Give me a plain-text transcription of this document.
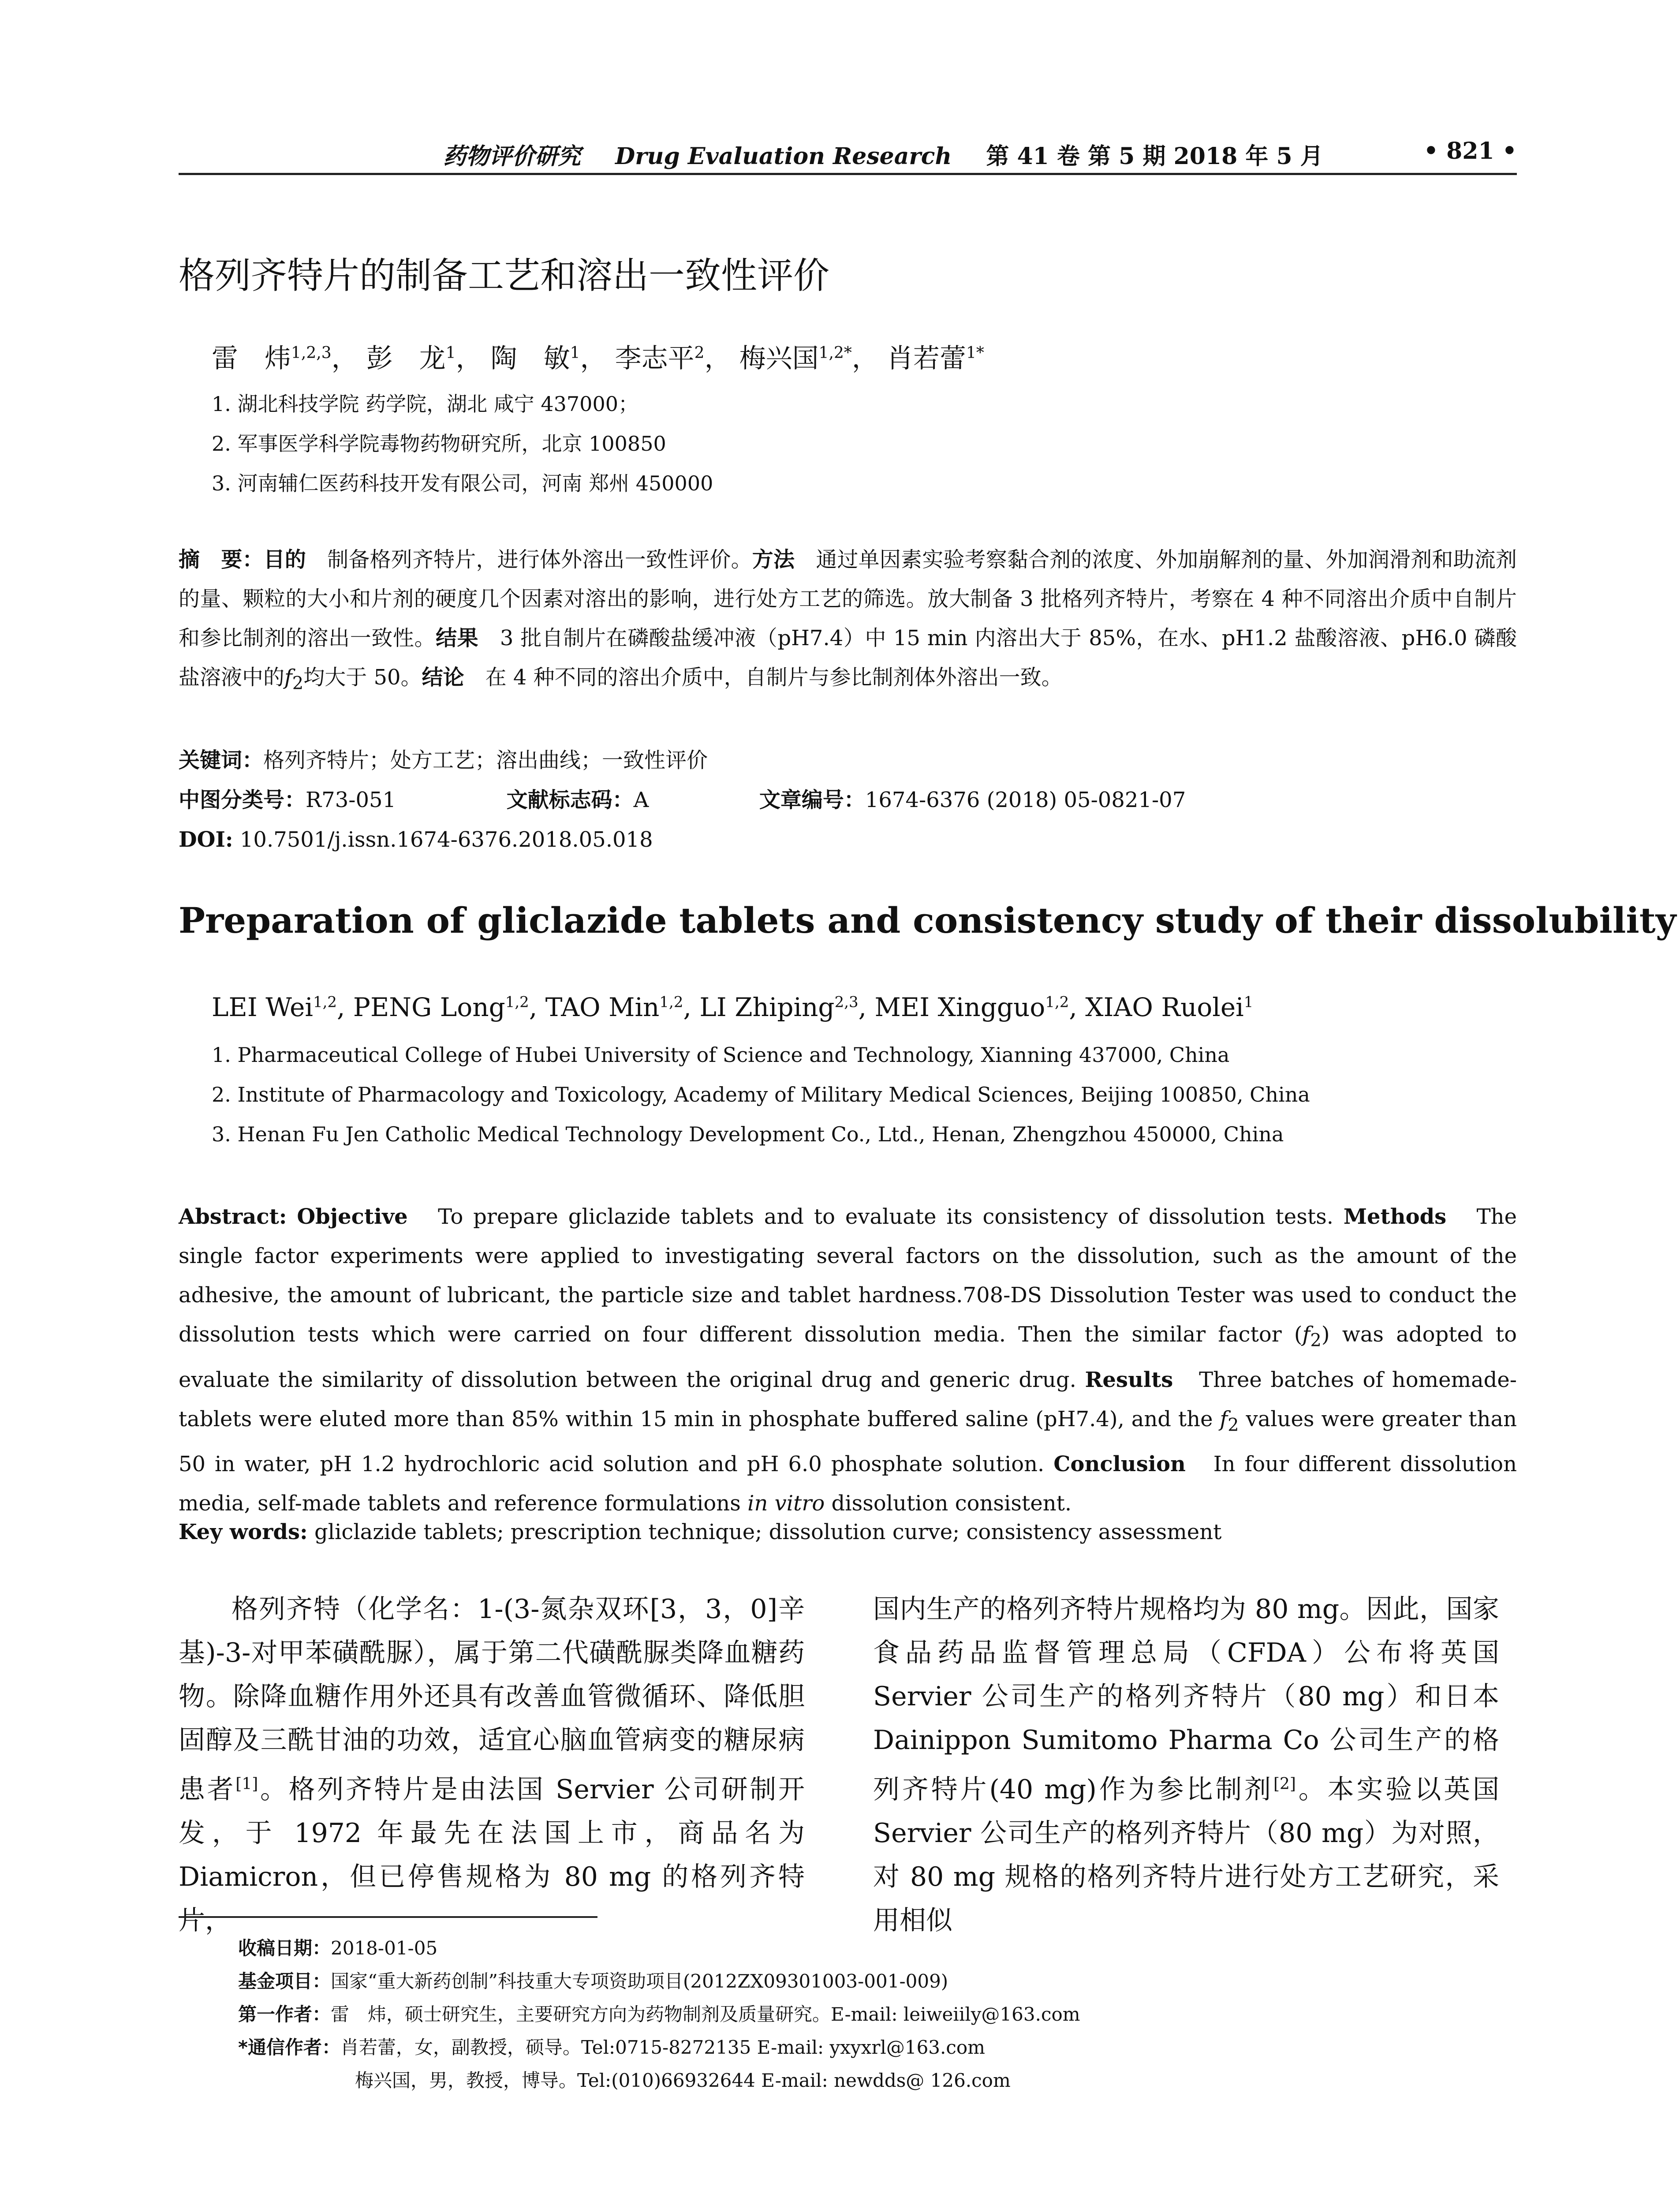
药物评价研究 Drug Evaluation Research 第 41 卷 第 5 期 2018 年 5 月	• 821 •
格列齐特片的制备工艺和溶出一致性评价
雷　炜$^{1,2,3}$， 彭　龙$^1$， 陶　敏$^1$， 李志平$^2$， 梅兴国$^{1,2*}$， 肖若蕾$^{1*}$
1. 湖北科技学院 药学院，湖北 咸宁 437000；
2. 军事医学科学院毒物药物研究所，北京 100850
3. 河南辅仁医药科技开发有限公司，河南 郑州 450000
摘　要：目的　 制备格列齐特片，进行体外溶出一致性评价。方法　 通过单因素实验考察黏合剂的浓度、外加崩解剂的量、外加润滑剂和助流剂的量、颗粒的大小和片剂的硬度几个因素对溶出的影响，进行处方工艺的筛选。放大制备 3 批格列齐特片，考察在 4 种不同溶出介质中自制片和参比制剂的溶出一致性。结果　 3 批自制片在磷酸盐缓冲液（pH7.4）中 15 min 内溶出大于 85%，在水、pH1.2 盐酸溶液、pH6.0 磷酸盐溶液中的$f_2$均大于 50。结论　 在 4 种不同的溶出介质中，自制片与参比制剂体外溶出一致。
关键词：格列齐特片；处方工艺；溶出曲线；一致性评价
中图分类号：R73-051	文献标志码：A	文章编号：1674-6376 (2018) 05-0821-07
DOI: 10.7501/j.issn.1674-6376.2018.05.018
Preparation of gliclazide tablets and consistency study of their dissolubility
LEI Wei$^{1,2}$, PENG Long$^{1,2}$, TAO Min$^{1,2}$, LI Zhiping$^{2,3}$, MEI Xingguo$^{1,2}$, XIAO Ruolei$^1$
1. Pharmaceutical College of Hubei University of Science and Technology, Xianning 437000, China
2. Institute of Pharmacology and Toxicology, Academy of Military Medical Sciences, Beijing 100850, China
3. Henan Fu Jen Catholic Medical Technology Development Co., Ltd., Henan, Zhengzhou 450000, China
Abstract: Objective To prepare gliclazide tablets and to evaluate its consistency of dissolution tests. Methods The single factor experiments were applied to investigating several factors on the dissolution, such as the amount of the adhesive, the amount of lubricant, the particle size and tablet hardness.708-DS Dissolution Tester was used to conduct the dissolution tests which were carried on four different dissolution media. Then the similar factor $(f_2)$ was adopted to evaluate the similarity of dissolution between the original drug and generic drug. Results Three batches of homemade-tablets were eluted more than 85% within 15 min in phosphate buffered saline (pH7.4), and the $f_2$ values were greater than 50 in water, pH 1.2 hydrochloric acid solution and pH 6.0 phosphate solution. Conclusion In four different dissolution media, self-made tablets and reference formulations in vitro dissolution consistent.
Key words: gliclazide tablets; prescription technique; dissolution curve; consistency assessment

格列齐特（化学名：1-(3-氮杂双环[3，3，0]辛基)-3-对甲苯磺酰脲），属于第二代磺酰脲类降血糖药物。除降血糖作用外还具有改善血管微循环、降低胆固醇及三酰甘油的功效，适宜心脑血管病变的糖尿病患者[1]。格列齐特片是由法国 Servier 公司研制开发，于 1972 年最先在法国上市，商品名为 Diamicron，但已停售规格为 80 mg 的格列齐特片，

国内生产的格列齐特片规格均为 80 mg。因此，国家食品药品监督管理总局（CFDA）公布将英国 Servier 公司生产的格列齐特片（80 mg）和日本 Dainippon Sumitomo Pharma Co 公司生产的格列齐特片(40 mg)作为参比制剂[2]。本实验以英国 Servier 公司生产的格列齐特片（80 mg）为对照，对 80 mg 规格的格列齐特片进行处方工艺研究，采用相似

收稿日期：2018-01-05
基金项目：国家“重大新药创制”科技重大专项资助项目(2012ZX09301003-001-009)
第一作者：雷　炜，硕士研究生，主要研究方向为药物制剂及质量研究。E-mail: leiweiily@163.com
*通信作者：肖若蕾，女，副教授，硕导。Tel:0715-8272135 E-mail: yxyxrl@163.com
梅兴国，男，教授，博导。Tel:(010)66932644 E-mail: newdds@ 126.com
